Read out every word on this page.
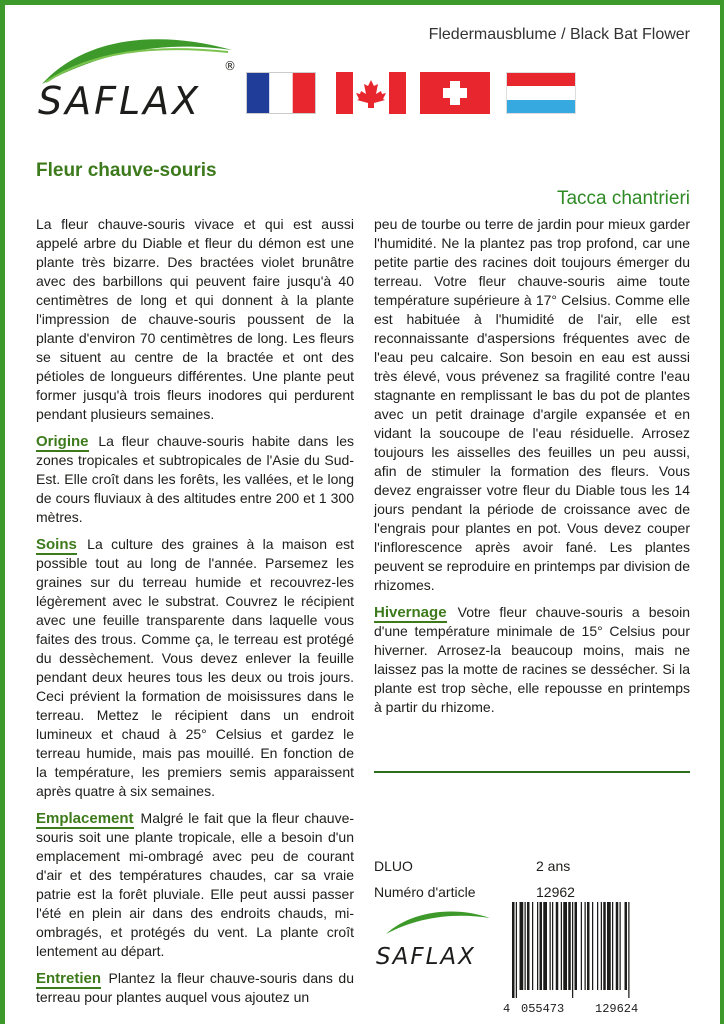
SAFLAX
®
Fledermausblume / Black Bat Flower
Fleur chauve-souris
Tacca chantrieri

La fleur chauve-souris vivace et qui est aussi appelé arbre du Diable et fleur du démon est une plante très bizarre. Des bractées violet brunâtre avec des barbillons qui peuvent faire jusqu'à 40 centimètres de long et qui donnent à la plante l'impression de chauve-souris poussent de la plante d'environ 70 centimètres de long. Les fleurs se situent au centre de la bractée et ont des pétioles de longueurs différentes. Une plante peut former jusqu'à trois fleurs inodores qui perdurent pendant plusieurs semaines.

Origine La fleur chauve-souris habite dans les zones tropicales et subtropicales de l'Asie du Sud-Est. Elle croît dans les forêts, les vallées, et le long de cours fluviaux à des altitudes entre 200 et 1 300 mètres.

Soins La culture des graines à la maison est possible tout au long de l'année. Parsemez les graines sur du terreau humide et recouvrez-les légèrement avec le substrat. Couvrez le récipient avec une feuille transparente dans laquelle vous faites des trous. Comme ça, le terreau est protégé du dessèchement. Vous devez enlever la feuille pendant deux heures tous les deux ou trois jours. Ceci prévient la formation de moisissures dans le terreau. Mettez le récipient dans un endroit lumineux et chaud à 25° Celsius et gardez le terreau humide, mais pas mouillé. En fonction de la température, les premiers semis apparaissent après quatre à six semaines.

Emplacement Malgré le fait que la fleur chauve-souris soit une plante tropicale, elle a besoin d'un emplacement mi-ombragé avec peu de courant d'air et des températures chaudes, car sa vraie patrie est la forêt pluviale. Elle peut aussi passer l'été en plein air dans des endroits chauds, mi-ombragés, et protégés du vent. La plante croît lentement au départ.

Entretien Plantez la fleur chauve-souris dans du terreau pour plantes auquel vous ajoutez un

peu de tourbe ou terre de jardin pour mieux garder l'humidité. Ne la plantez pas trop profond, car une petite partie des racines doit toujours émerger du terreau. Votre fleur chauve-souris aime toute température supérieure à 17° Celsius. Comme elle est habituée à l'humidité de l'air, elle est reconnaissante d'aspersions fréquentes avec de l'eau peu calcaire. Son besoin en eau est aussi très élevé, vous prévenez sa fragilité contre l'eau stagnante en remplissant le bas du pot de plantes avec un petit drainage d'argile expansée et en vidant la soucoupe de l'eau résiduelle. Arrosez toujours les aisselles des feuilles un peu aussi, afin de stimuler la formation des fleurs. Vous devez engraisser votre fleur du Diable tous les 14 jours pendant la période de croissance avec de l'engrais pour plantes en pot. Vous devez couper l'inflorescence après avoir fané. Les plantes peuvent se reproduire en printemps par division de rhizomes.

Hivernage Votre fleur chauve-souris a besoin d'une température minimale de 15° Celsius pour hiverner. Arrosez-la beaucoup moins, mais ne laissez pas la motte de racines se dessécher. Si la plante est trop sèche, elle repousse en printemps à partir du rhizome.

DLUO	2 ans
Numéro d'article	12962
SAFLAX
4 055473	129624
